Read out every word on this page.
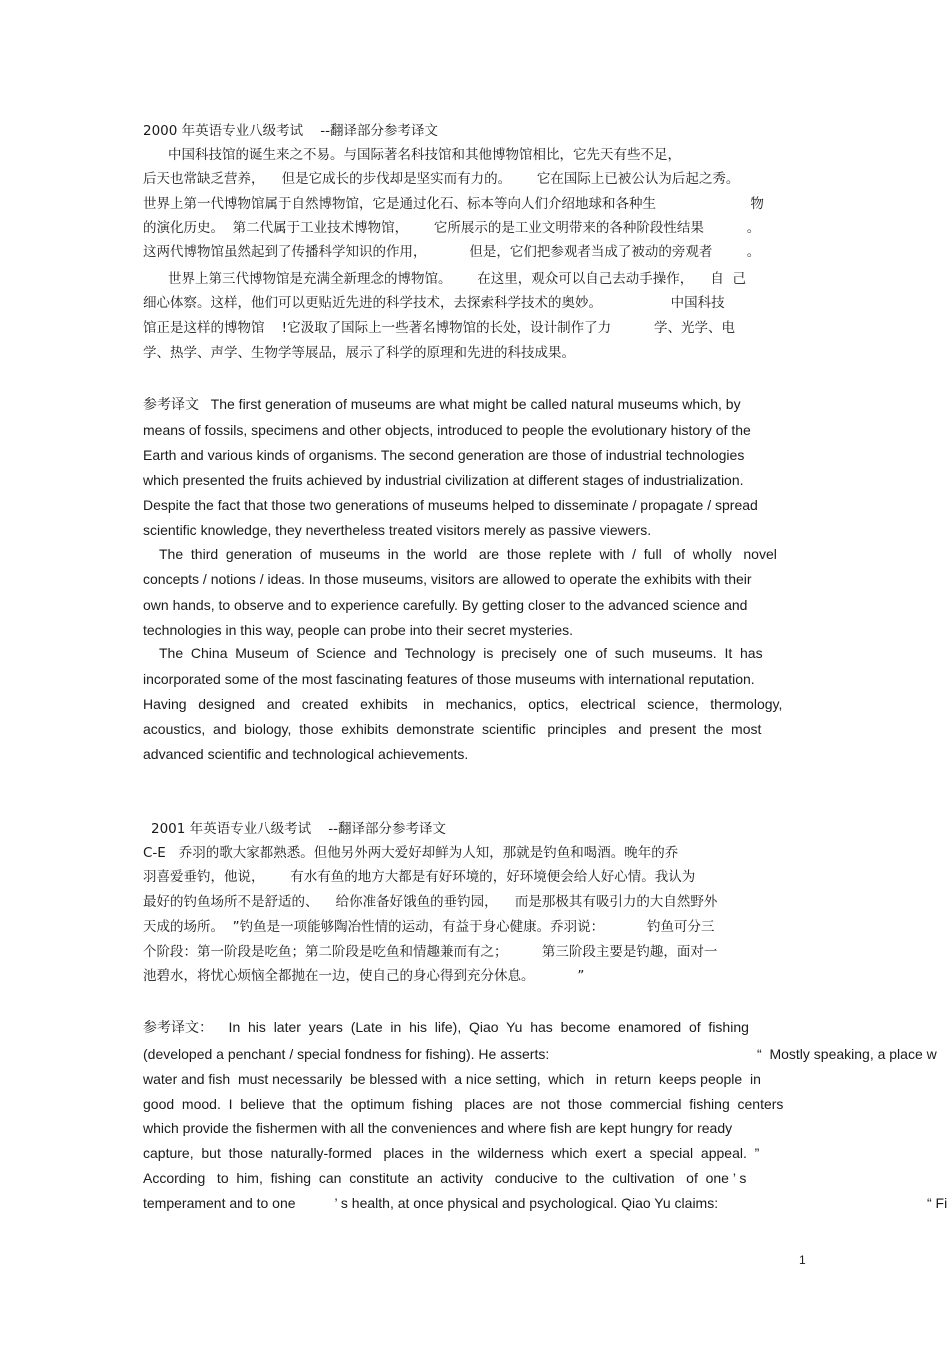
2000 年英语专业八级考试    --翻译部分参考译文
中国科技馆的诞生来之不易。与国际著名科技馆和其他博物馆相比，它先天有些不足，
后天也常缺乏营养，    但是它成长的步伐却是坚实而有力的。      它在国际上已被公认为后起之秀。
世界上第一代博物馆属于自然博物馆，它是通过化石、标本等向人们介绍地球和各种生                      物
的演化历史。  第二代属于工业技术博物馆，      它所展示的是工业文明带来的各种阶段性结果          。
这两代博物馆虽然起到了传播科学知识的作用，          但是，它们把参观者当成了被动的旁观者        。
世界上第三代博物馆是充满全新理念的博物馆。      在这里，观众可以自己去动手操作，    自  己
细心体察。这样，他们可以更贴近先进的科学技术，去探索科学技术的奥妙。                中国科技
馆正是这样的博物馆    !它汲取了国际上一些著名博物馆的长处，设计制作了力          学、光学、电
学、热学、声学、生物学等展品，展示了科学的原理和先进的科技成果。
参考译文   The first generation of museums are what might be called natural museums which, by
means of fossils, specimens and other objects, introduced to people the evolutionary history of the
Earth and various kinds of organisms. The second generation are those of industrial technologies
which presented the fruits achieved by industrial civilization at different stages of industrialization.
Despite the fact that those two generations of museums helped to disseminate / propagate / spread
scientific knowledge, they nevertheless treated visitors merely as passive viewers.
The  third  generation  of  museums  in  the  world   are  those  replete  with  /  full   of  wholly   novel
concepts / notions / ideas. In those museums, visitors are allowed to operate the exhibits with their
own hands, to observe and to experience carefully. By getting closer to the advanced science and
technologies in this way, people can probe into their secret mysteries.
The  China  Museum  of  Science  and  Technology  is  precisely  one  of  such  museums.  It  has
incorporated some of the most fascinating features of those museums with international reputation.
Having   designed   and   created   exhibits    in   mechanics,   optics,   electrical   science,   thermology,
acoustics,  and  biology,  those  exhibits  demonstrate  scientific   principles   and  present  the  most
advanced scientific and technological achievements.
2001 年英语专业八级考试    --翻译部分参考译文
C-E   乔羽的歌大家都熟悉。但他另外两大爱好却鲜为人知，那就是钓鱼和喝酒。晚年的乔
羽喜爱垂钓，他说，      有水有鱼的地方大都是有好环境的，好环境便会给人好心情。我认为
最好的钓鱼场所不是舒适的、    给你准备好饿鱼的垂钓园，    而是那极其有吸引力的大自然野外
天成的场所。  ”钓鱼是一项能够陶冶性情的运动，有益于身心健康。乔羽说：          钓鱼可分三
个阶段：第一阶段是吃鱼；第二阶段是吃鱼和情趣兼而有之；        第三阶段主要是钓趣，面对一
池碧水，将忧心烦恼全都抛在一边，使自己的身心得到充分休息。          ”
参考译文：    In  his  later  years  (Late  in  his  life),  Qiao  Yu  has  become  enamored  of  fishing
(developed a penchant / special fondness for fishing). He asserts:	“  Mostly speaking, a place w
water and fish  must necessarily  be blessed with  a nice setting,  which   in  return  keeps people  in
good  mood.  I  believe  that  the  optimum  fishing   places  are  not  those  commercial  fishing  centers
which provide the fishermen with all the conveniences and where fish are kept hungry for ready
capture,  but  those  naturally-formed   places  in  the  wilderness  which  exert  a  special  appeal.  ”
According   to  him,  fishing  can  constitute  an  activity   conducive  to  the  cultivation   of  one ’ s
temperament and to one          ’ s health, at once physical and psychological. Qiao Yu claims:	“ Fi
1
